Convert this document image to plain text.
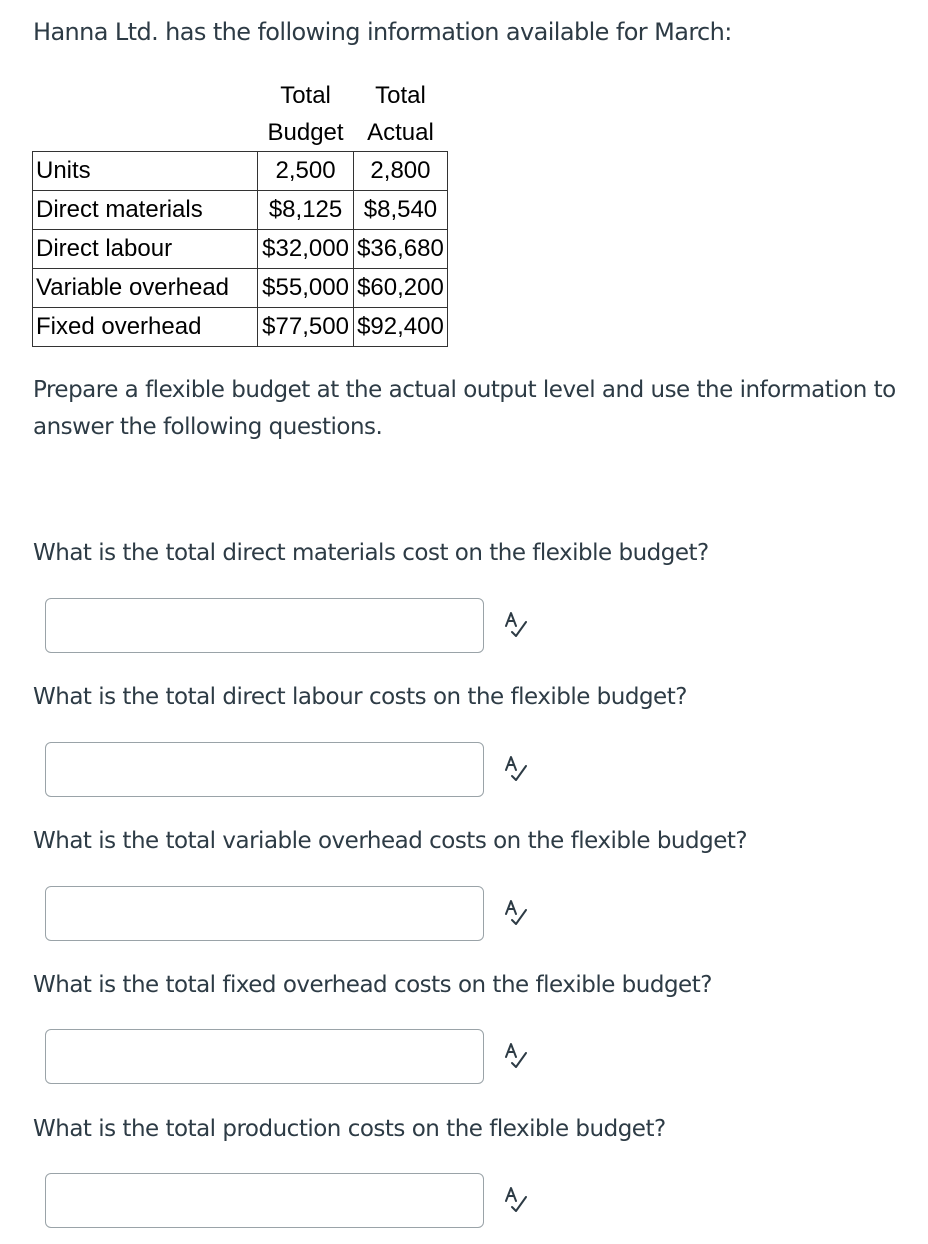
Hanna Ltd. has the following information available for March:

	Total	Total
	Budget	Actual
Units	2,500	2,800
Direct materials	$8,125	$8,540
Direct labour	$32,000	$36,680
Variable overhead	$55,000	$60,200
Fixed overhead	$77,500	$92,400

Prepare a flexible budget at the actual output level and use the information to answer the following questions.

What is the total direct materials cost on the flexible budget?

What is the total direct labour costs on the flexible budget?

What is the total variable overhead costs on the flexible budget?

What is the total fixed overhead costs on the flexible budget?

What is the total production costs on the flexible budget?
